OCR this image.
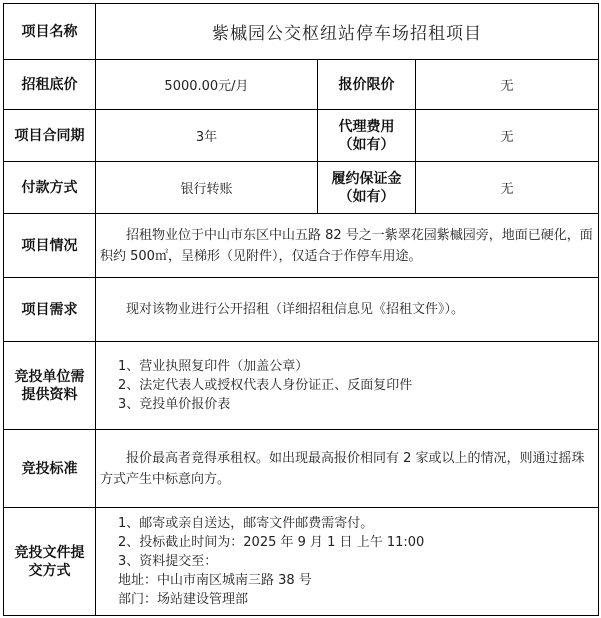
项目名称	紫槭园公交枢纽站停车场招租项目		
招租底价	5000.00元/月	报价限价	无
项目合同期	3年	代理费用（如有）	无
付款方式	银行转账	履约保证金（如有）	无
项目情况	招租物业位于中山市东区中山五路 82 号之一紫翠花园紫槭园旁，地面已硬化，面积约 500㎡，呈梯形（见附件），仅适合于作停车用途。		
项目需求	现对该物业进行公开招租（详细招租信息见《招租文件》）。		
竞投单位需提供资料	1、营业执照复印件（加盖公章）
2、法定代表人或授权代表人身份证正、反面复印件
3、竞投单价报价表		

竞投标准	报价最高者竟得承租权。如出现最高报价相同有 2 家或以上的情况，则通过摇珠方式产生中标意向方。		
竞投文件提交方式	1、邮寄或亲自送达，邮寄文件邮费需寄付。
2、投标截止时间为：2025 年 9 月 1 日 上午 11:00
3、资料提交至：
地址：中山市南区城南三路 38 号
部门：场站建设管理部		
